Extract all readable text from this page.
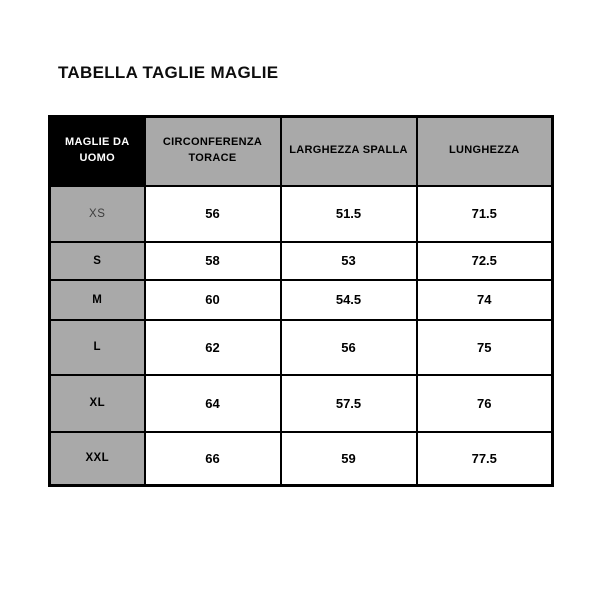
TABELLA TAGLIE MAGLIE
MAGLIE DA UOMO	CIRCONFERENZA TORACE	LARGHEZZA SPALLA	LUNGHEZZA
XS	56	51.5	71.5
S	58	53	72.5
M	60	54.5	74
L	62	56	75
XL	64	57.5	76
XXL	66	59	77.5
